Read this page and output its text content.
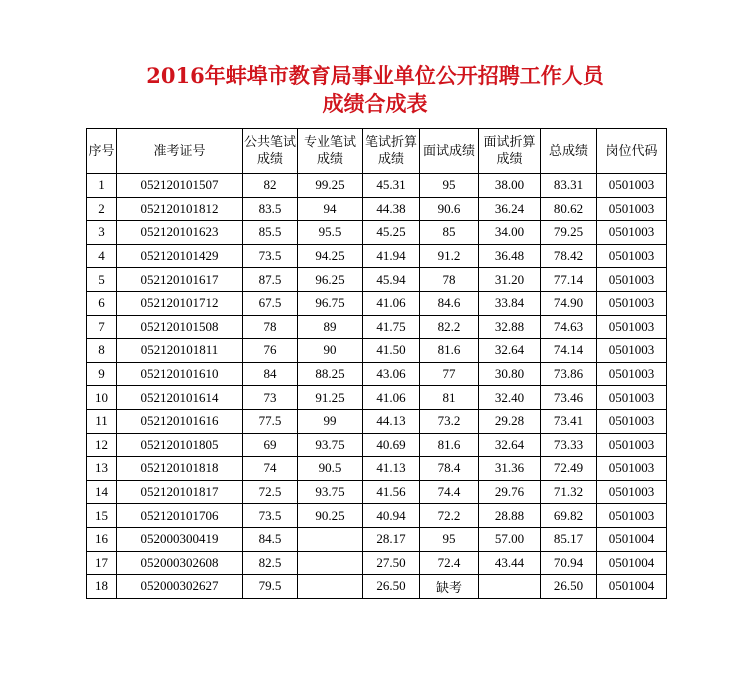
2016年蚌埠市教育局事业单位公开招聘工作人员
成绩合成表
序号	准考证号	公共笔试成绩	专业笔试成绩	笔试折算成绩	面试成绩	面试折算成绩	总成绩	岗位代码
1	052120101507	82	99.25	45.31	95	38.00	83.31	0501003
2	052120101812	83.5	94	44.38	90.6	36.24	80.62	0501003
3	052120101623	85.5	95.5	45.25	85	34.00	79.25	0501003
4	052120101429	73.5	94.25	41.94	91.2	36.48	78.42	0501003
5	052120101617	87.5	96.25	45.94	78	31.20	77.14	0501003
6	052120101712	67.5	96.75	41.06	84.6	33.84	74.90	0501003
7	052120101508	78	89	41.75	82.2	32.88	74.63	0501003
8	052120101811	76	90	41.50	81.6	32.64	74.14	0501003
9	052120101610	84	88.25	43.06	77	30.80	73.86	0501003
10	052120101614	73	91.25	41.06	81	32.40	73.46	0501003
11	052120101616	77.5	99	44.13	73.2	29.28	73.41	0501003
12	052120101805	69	93.75	40.69	81.6	32.64	73.33	0501003
13	052120101818	74	90.5	41.13	78.4	31.36	72.49	0501003
14	052120101817	72.5	93.75	41.56	74.4	29.76	71.32	0501003
15	052120101706	73.5	90.25	40.94	72.2	28.88	69.82	0501003
16	052000300419	84.5		28.17	95	57.00	85.17	0501004
17	052000302608	82.5		27.50	72.4	43.44	70.94	0501004
18	052000302627	79.5		26.50	缺考		26.50	0501004
